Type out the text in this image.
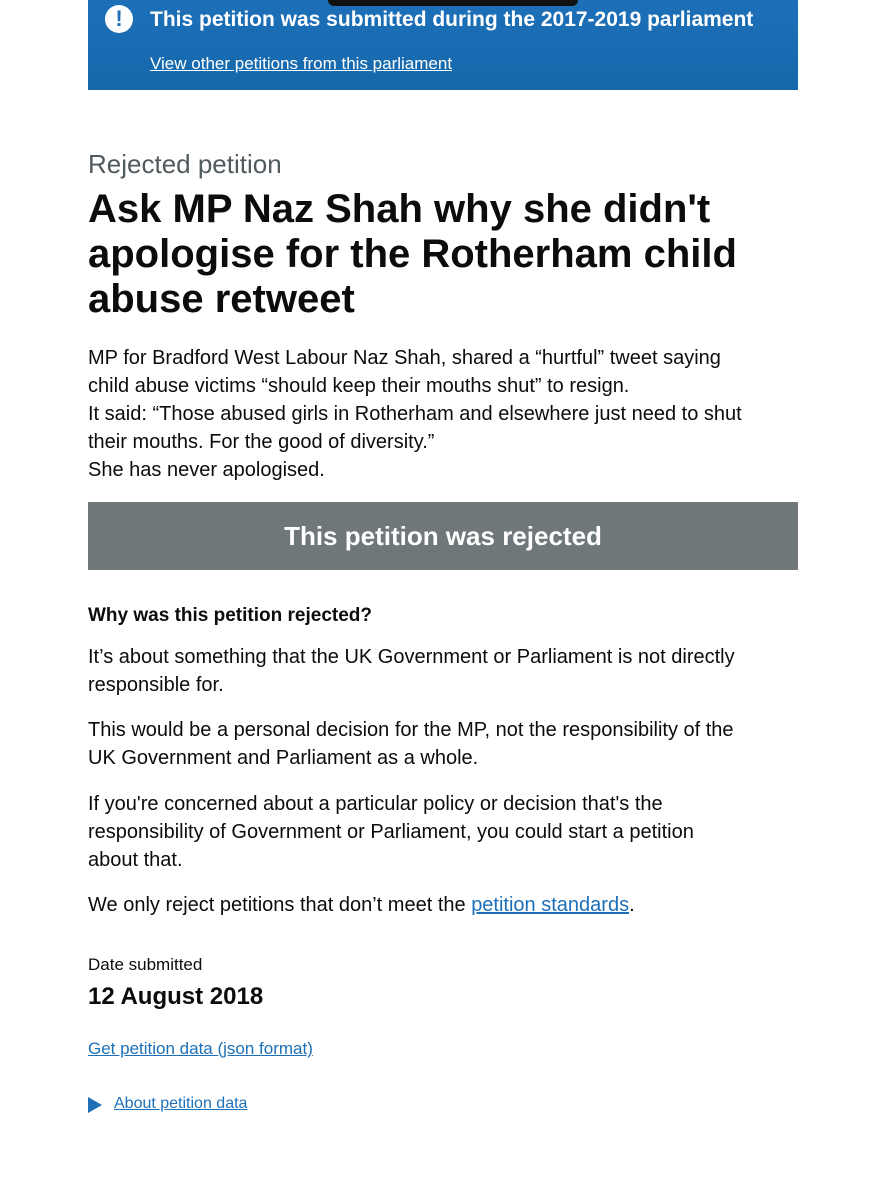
!	This petition was submitted during the 2017-2019 parliament
View other petitions from this parliament
Rejected petition
Ask MP Naz Shah why she didn't apologise for the Rotherham child abuse retweet
MP for Bradford West Labour Naz Shah, shared a “hurtful” tweet saying
child abuse victims “should keep their mouths shut” to resign.
It said: “Those abused girls in Rotherham and elsewhere just need to shut
their mouths. For the good of diversity.”
She has never apologised.
This petition was rejected
Why was this petition rejected?
It’s about something that the UK Government or Parliament is not directly
responsible for.
This would be a personal decision for the MP, not the responsibility of the
UK Government and Parliament as a whole.
If you're concerned about a particular policy or decision that's the
responsibility of Government or Parliament, you could start a petition
about that.
We only reject petitions that don’t meet the petition standards.
Date submitted
12 August 2018
Get petition data (json format)
About petition data
